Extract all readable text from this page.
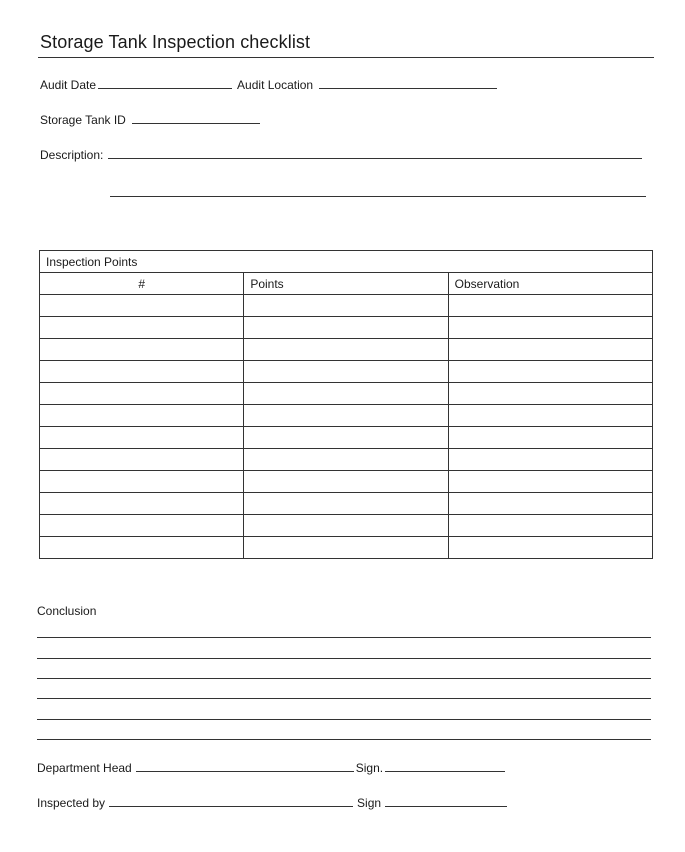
Storage Tank Inspection checklist
Audit Date	Audit Location
Storage Tank ID
Description:
Inspection Points		
#	Points	Observation

Conclusion
Department Head	Sign.
Inspected by	Sign
